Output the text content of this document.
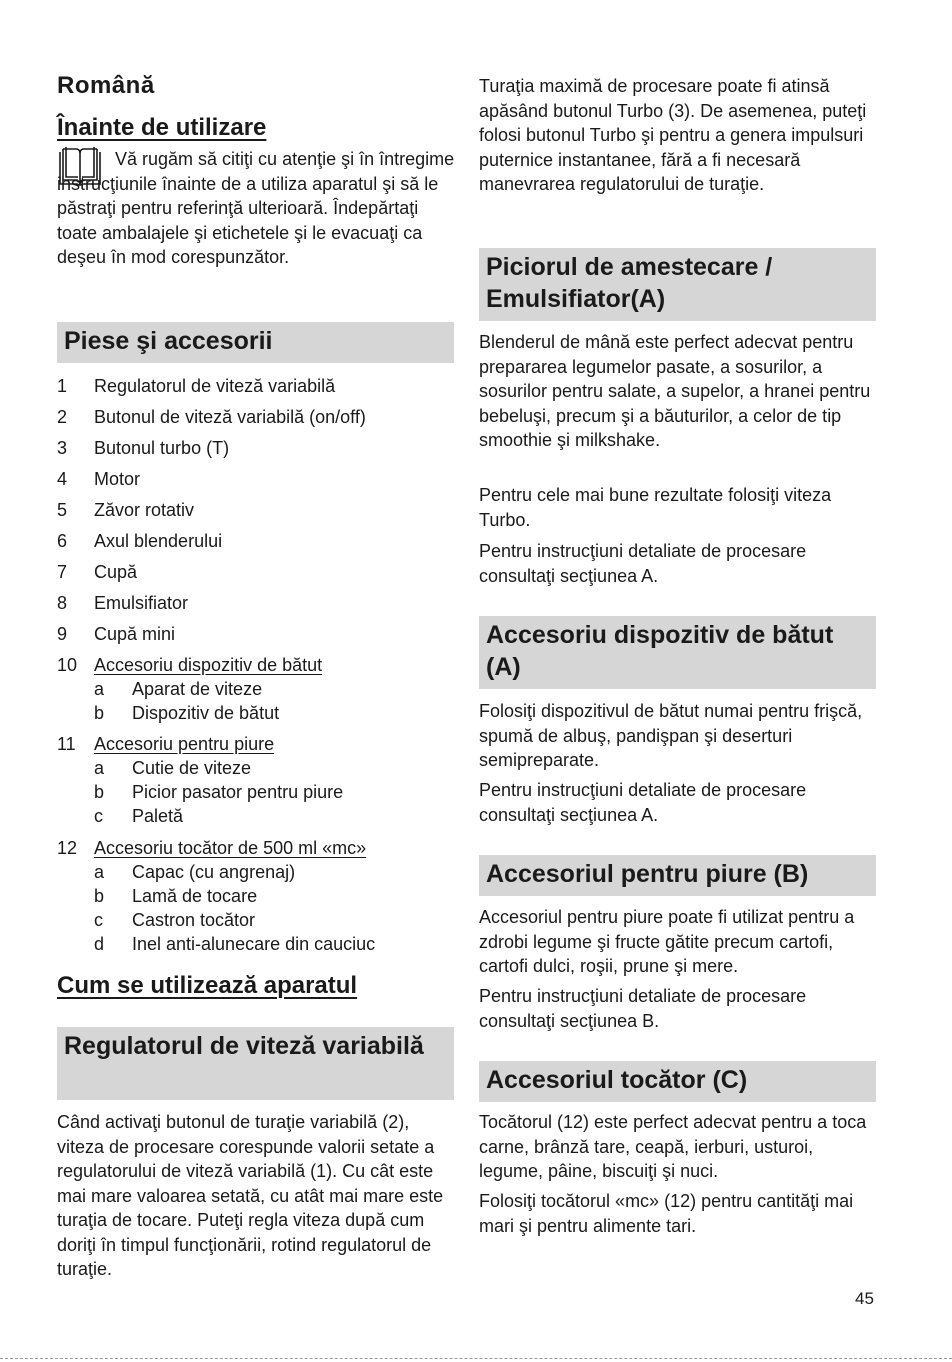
Română
Înainte de utilizare
Vă rugăm să citiţi cu atenţie şi în întregime instrucţiunile înainte de a utiliza aparatul şi să le păstraţi pentru referinţă ulterioară. Îndepărtaţi toate ambalajele şi etichetele şi le evacuaţi ca deşeu în mod corespunzător.
Piese şi accesorii
1 Regulatorul de viteză variabilă
2 Butonul de viteză variabilă (on/off)
3 Butonul turbo (T)
4 Motor
5 Zăvor rotativ
6 Axul blenderului
7 Cupă
8 Emulsifiator
9 Cupă mini
10 Accesoriu dispozitiv de bătut
a Aparat de viteze
b Dispozitiv de bătut
11 Accesoriu pentru piure
a Cutie de viteze
b Picior pasator pentru piure
c Paletă
12 Accesoriu tocător de 500 ml «mc»
a Capac (cu angrenaj)
b Lamă de tocare
c Castron tocător
d Inel anti-alunecare din cauciuc
Cum se utilizează aparatul
Regulatorul de viteză variabilă
Când activaţi butonul de turaţie variabilă (2), viteza de procesare corespunde valorii setate a regulatorului de viteză variabilă (1). Cu cât este mai mare valoarea setată, cu atât mai mare este turaţia de tocare. Puteţi regla viteza după cum doriţi în timpul funcţionării, rotind regulatorul de turaţie.
Turaţia maximă de procesare poate fi atinsă apăsând butonul Turbo (3). De asemenea, puteţi folosi butonul Turbo şi pentru a genera impulsuri puternice instantanee, fără a fi necesară manevrarea regulatorului de turaţie.
Piciorul de amestecare / Emulsifiator(A)
Blenderul de mână este perfect adecvat pentru prepararea legumelor pasate, a sosurilor, a sosurilor pentru salate, a supelor, a hranei pentru bebeluşi, precum şi a băuturilor, a celor de tip smoothie şi milkshake.
Pentru cele mai bune rezultate folosiţi viteza Turbo.
Pentru instrucţiuni detaliate de procesare consultaţi secţiunea A.
Accesoriu dispozitiv de bătut (A)
Folosiţi dispozitivul de bătut numai pentru frişcă, spumă de albuş, pandişpan şi deserturi semipreparate.
Pentru instrucţiuni detaliate de procesare consultaţi secţiunea A.
Accesoriul pentru piure (B)
Accesoriul pentru piure poate fi utilizat pentru a zdrobi legume şi fructe gătite precum cartofi, cartofi dulci, roşii, prune şi mere.
Pentru instrucţiuni detaliate de procesare consultaţi secţiunea B.
Accesoriul tocător (C)
Tocătorul (12) este perfect adecvat pentru a toca carne, brânză tare, ceapă, ierburi, usturoi, legume, pâine, biscuiţi şi nuci.
Folosiţi tocătorul «mc» (12) pentru cantităţi mai mari şi pentru alimente tari.
45
